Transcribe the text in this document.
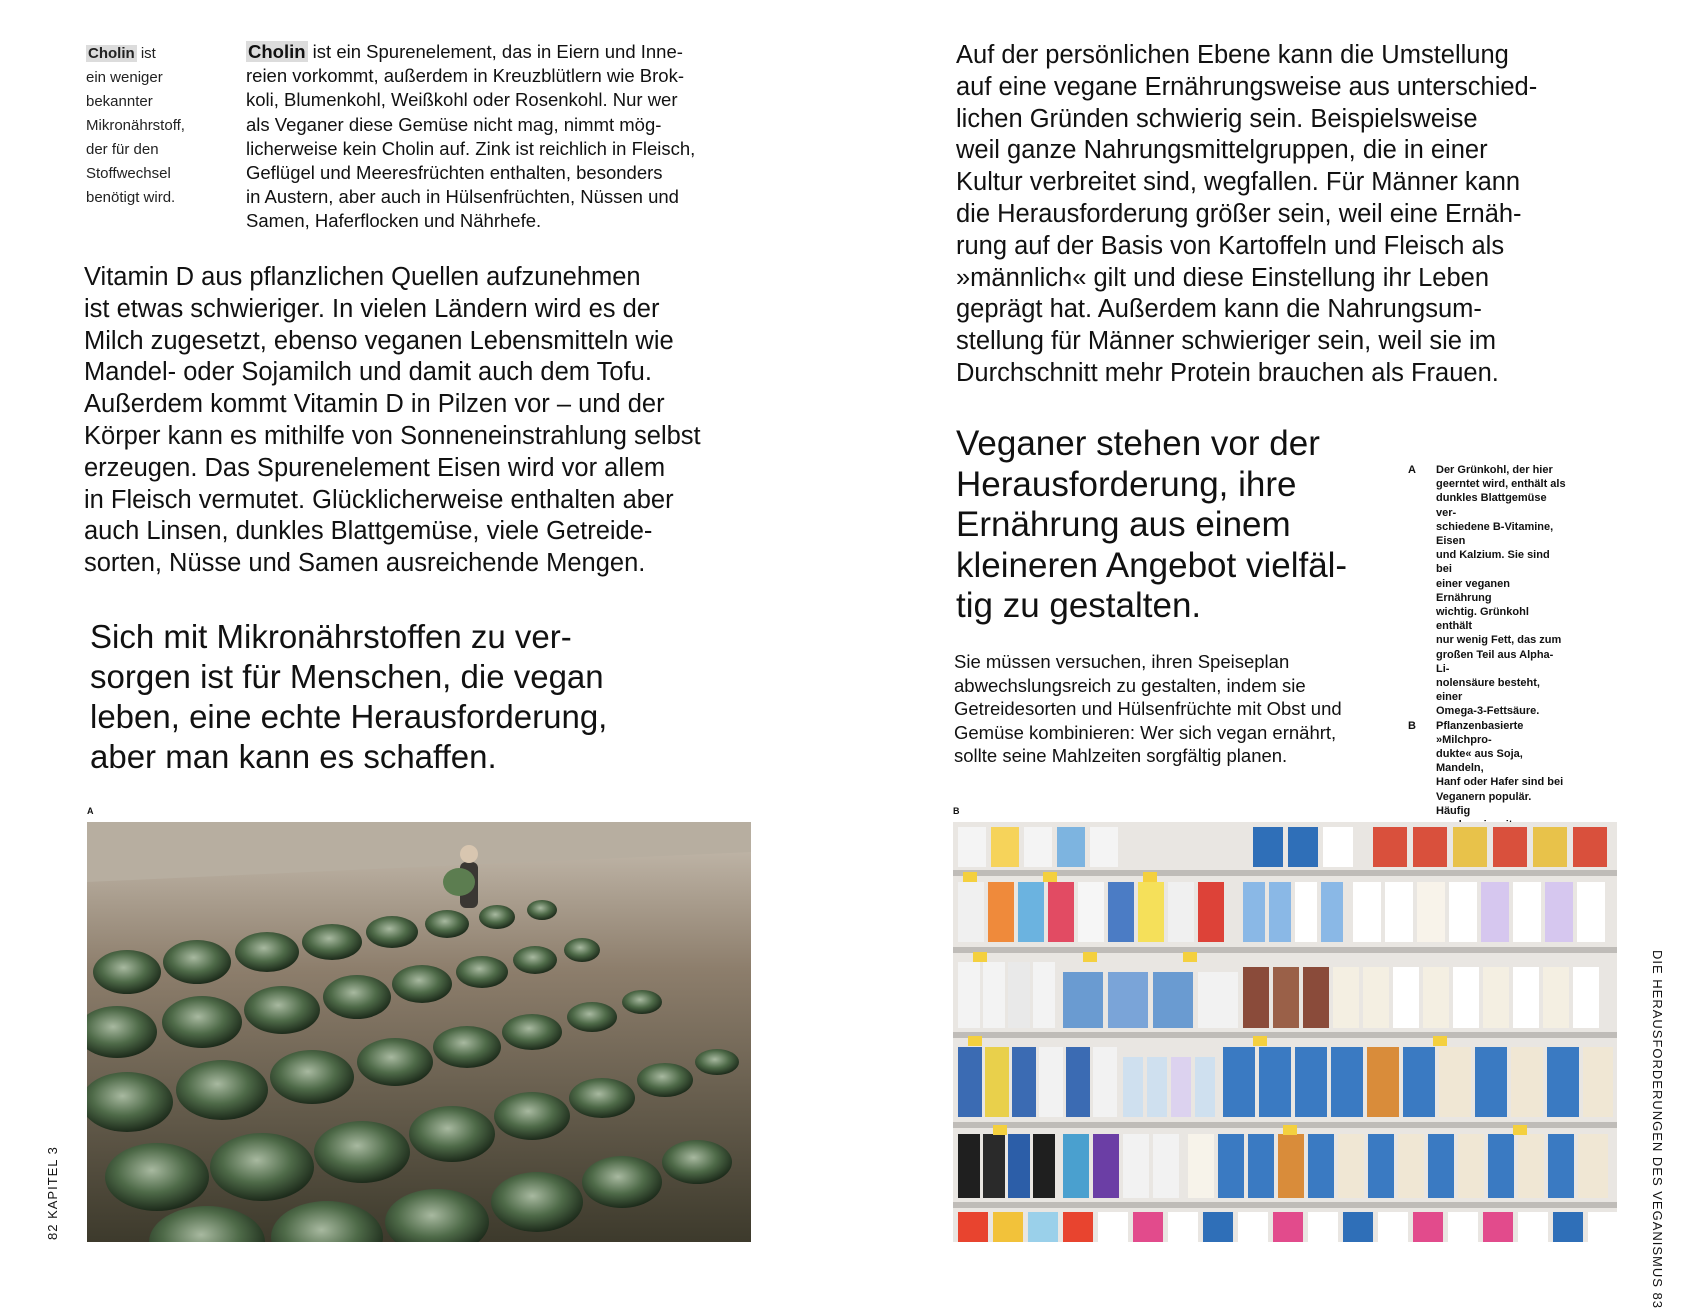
Cholin ist

ein weniger

bekannter

Mikronährstoff,

der für den

Stoffwechsel

benötigt wird.

Cholin ist ein Spurenelement, das in Eiern und Inne-

reien vorkommt, außerdem in Kreuzblütlern wie Brok-

koli, Blumenkohl, Weißkohl oder Rosenkohl. Nur wer

als Veganer diese Gemüse nicht mag, nimmt mög-

licherweise kein Cholin auf. Zink ist reichlich in Fleisch,

Geflügel und Meeresfrüchten enthalten, besonders

in Austern, aber auch in Hülsenfrüchten, Nüssen und

Samen, Haferflocken und Nährhefe.

Vitamin D aus pflanzlichen Quellen aufzunehmen

ist etwas schwieriger. In vielen Ländern wird es der

Milch zugesetzt, ebenso veganen Lebensmitteln wie

Mandel- oder Sojamilch und damit auch dem Tofu.

Außerdem kommt Vitamin D in Pilzen vor – und der

Körper kann es mithilfe von Sonneneinstrahlung selbst

erzeugen. Das Spurenelement Eisen wird vor allem

in Fleisch vermutet. Glücklicherweise enthalten aber

auch Linsen, dunkles Blattgemüse, viele Getreide-

sorten, Nüsse und Samen ausreichende Mengen.

Sich mit Mikronährstoffen zu ver-

sorgen ist für Menschen, die vegan

leben, eine echte Herausforderung,

aber man kann es schaffen.

A
82 KAPITEL 3

Auf der persönlichen Ebene kann die Umstellung

auf eine vegane Ernährungsweise aus unterschied-

lichen Gründen schwierig sein. Beispielsweise

weil ganze Nahrungsmittelgruppen, die in einer

Kultur verbreitet sind, wegfallen. Für Männer kann

die Herausforderung größer sein, weil eine Ernäh-

rung auf der Basis von Kartoffeln und Fleisch als

»männlich« gilt und diese Einstellung ihr Leben

geprägt hat. Außerdem kann die Nahrungsum-

stellung für Männer schwieriger sein, weil sie im

Durchschnitt mehr Protein brauchen als Frauen.

Veganer stehen vor der

Herausforderung, ihre

Ernährung aus einem

kleineren Angebot vielfäl-

tig zu gestalten.

Sie müssen versuchen, ihren Speiseplan

abwechslungsreich zu gestalten, indem sie

Getreidesorten und Hülsenfrüchte mit Obst und

Gemüse kombinieren: Wer sich vegan ernährt,

sollte seine Mahlzeiten sorgfältig planen.

A Der Grünkohl, der hier

geerntet wird, enthält als

dunkles Blattgemüse ver-

schiedene B-Vitamine, Eisen

und Kalzium. Sie sind bei

einer veganen Ernährung

wichtig. Grünkohl enthält

nur wenig Fett, das zum

großen Teil aus Alpha-Li-

nolensäure besteht, einer

Omega-3-Fettsäure.

B Pflanzenbasierte »Milchpro-

dukte« aus Soja, Mandeln,

Hanf oder Hafer sind bei

Veganern populär. Häufig

B
DIE HERAUSFORDERUNGEN DES VEGANISMUS 83
